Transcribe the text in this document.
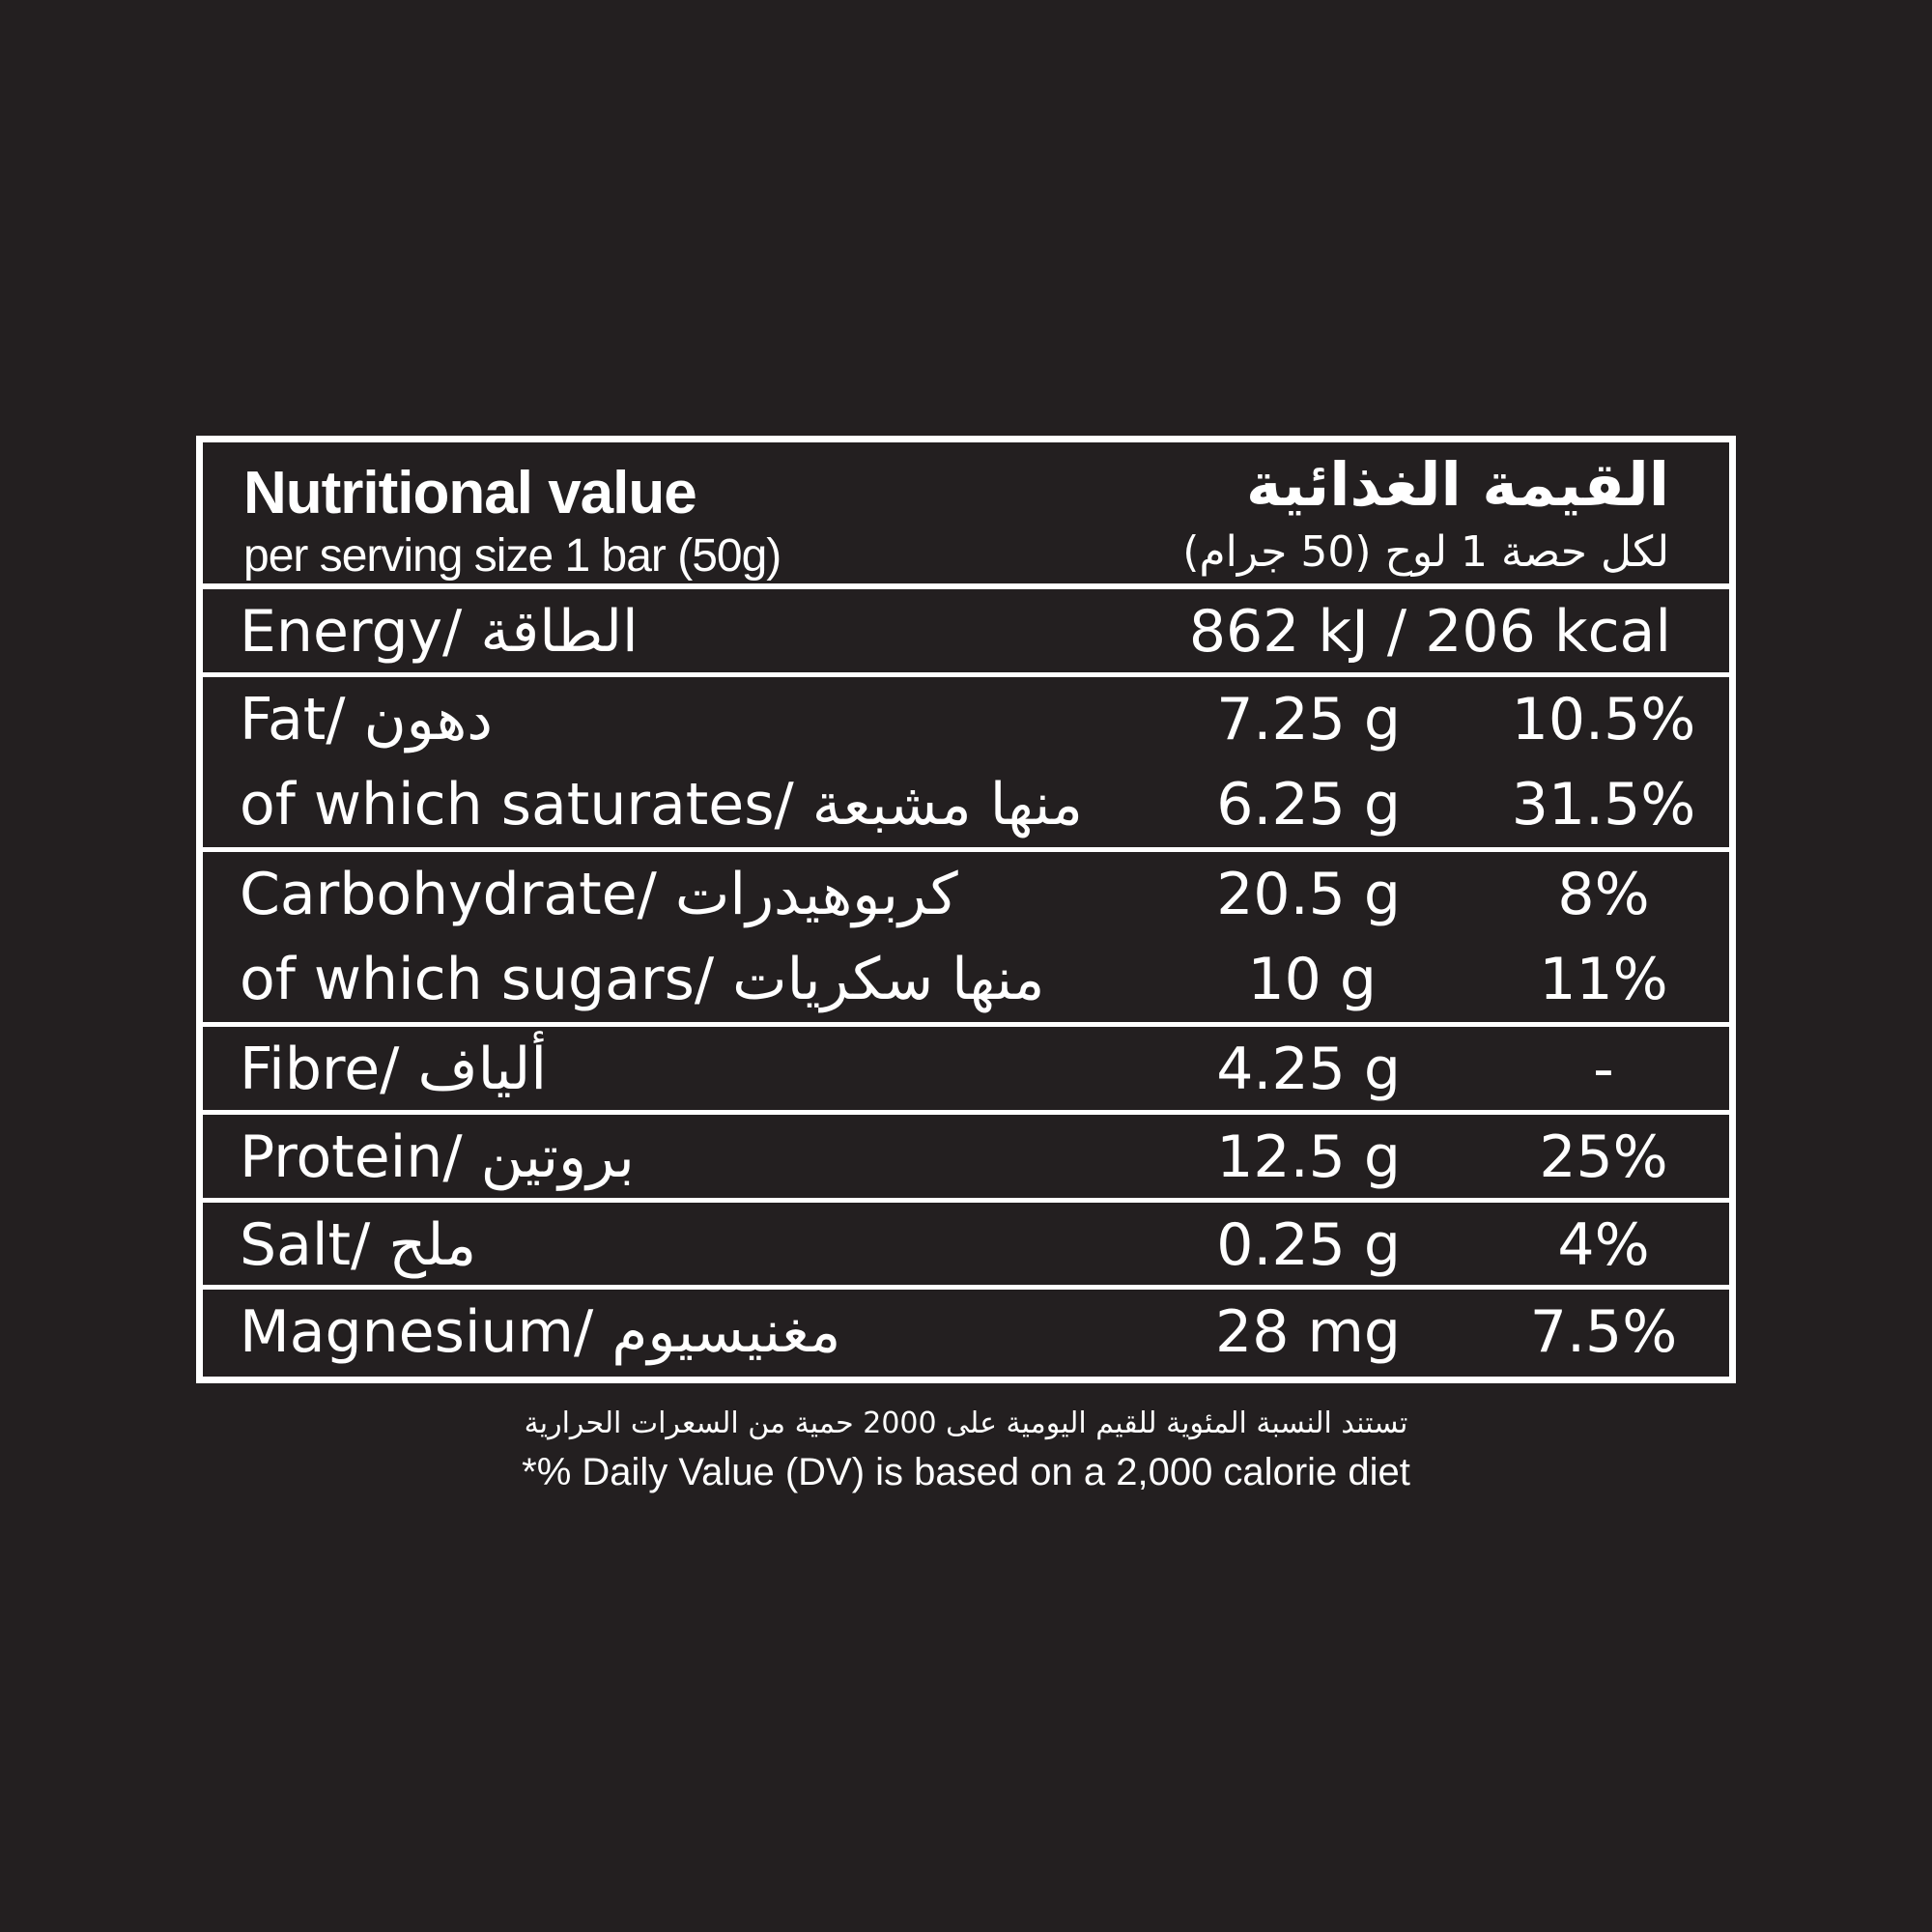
Nutritional value
per serving size 1 bar (50g)
القيمة الغذائية
لكل حصة 1 لوح (50 جرام)
Energy/ الطاقة	862 kJ / 206 kcal
Fat/ دهون	7.25 g 10.5%
of which saturates/ منها مشبعة 6.25 g 31.5%
Carbohydrate/ كربوهيدرات	20.5 g	8%
of which sugars/ منها سكريات	10 g	11%
Fibre/ ألياف	4.25 g	-
Protein/ بروتين	12.5 g	25%
Salt/ ملح	0.25 g	4%
Magnesium/ مغنيسيوم	28 mg	7.5%
تستند النسبة المئوية للقيم اليومية على 2000 حمية من السعرات الحرارية
*% Daily Value (DV) is based on a 2,000 calorie diet
